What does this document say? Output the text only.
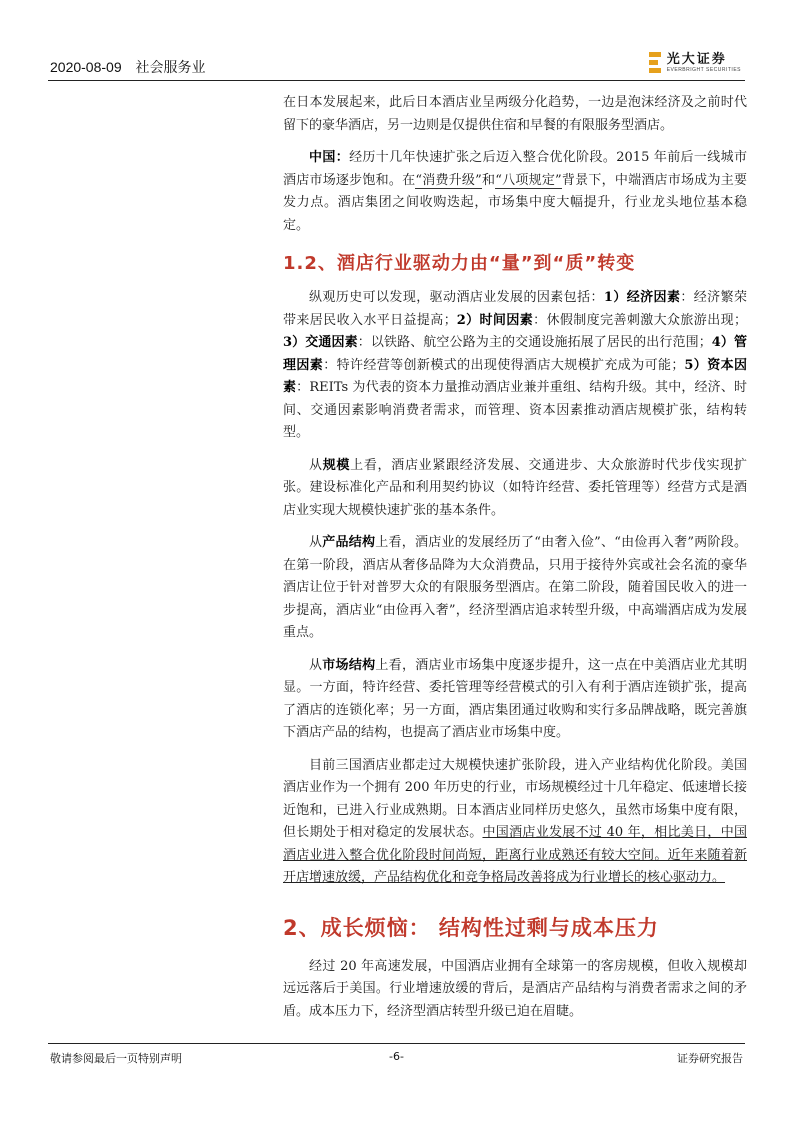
2020-08-09 社会服务业	光大证券
EVERBRIGHT SECURITIES

在日本发展起来，此后日本酒店业呈两级分化趋势，一边是泡沫经济及之前时代留下的豪华酒店，另一边则是仅提供住宿和早餐的有限服务型酒店。

中国：经历十几年快速扩张之后迈入整合优化阶段。2015 年前后一线城市酒店市场逐步饱和。在“消费升级”和“八项规定”背景下，中端酒店市场成为主要发力点。酒店集团之间收购迭起，市场集中度大幅提升，行业龙头地位基本稳定。

1.2、酒店行业驱动力由“量”到“质”转变

纵观历史可以发现，驱动酒店业发展的因素包括：1）经济因素：经济繁荣带来居民收入水平日益提高；2）时间因素：休假制度完善刺激大众旅游出现；3）交通因素：以铁路、航空公路为主的交通设施拓展了居民的出行范围；4）管理因素：特许经营等创新模式的出现使得酒店大规模扩充成为可能；5）资本因素：REITs 为代表的资本力量推动酒店业兼并重组、结构升级。其中，经济、时间、交通因素影响消费者需求，而管理、资本因素推动酒店规模扩张，结构转型。

从规模上看，酒店业紧跟经济发展、交通进步、大众旅游时代步伐实现扩张。建设标准化产品和利用契约协议（如特许经营、委托管理等）经营方式是酒店业实现大规模快速扩张的基本条件。

从产品结构上看，酒店业的发展经历了“由奢入俭”、“由俭再入奢”两阶段。在第一阶段，酒店从奢侈品降为大众消费品，只用于接待外宾或社会名流的豪华酒店让位于针对普罗大众的有限服务型酒店。在第二阶段，随着国民收入的进一步提高，酒店业“由俭再入奢”，经济型酒店追求转型升级，中高端酒店成为发展重点。

从市场结构上看，酒店业市场集中度逐步提升，这一点在中美酒店业尤其明显。一方面，特许经营、委托管理等经营模式的引入有利于酒店连锁扩张，提高了酒店的连锁化率；另一方面，酒店集团通过收购和实行多品牌战略，既完善旗下酒店产品的结构，也提高了酒店业市场集中度。

目前三国酒店业都走过大规模快速扩张阶段，进入产业结构优化阶段。美国酒店业作为一个拥有 200 年历史的行业，市场规模经过十几年稳定、低速增长接近饱和，已进入行业成熟期。日本酒店业同样历史悠久，虽然市场集中度有限，但长期处于相对稳定的发展状态。中国酒店业发展不过 40 年，相比美日，中国酒店业进入整合优化阶段时间尚短，距离行业成熟还有较大空间。近年来随着新开店增速放缓，产品结构优化和竞争格局改善将成为行业增长的核心驱动力。

2、成长烦恼： 结构性过剩与成本压力

经过 20 年高速发展，中国酒店业拥有全球第一的客房规模，但收入规模却远远落后于美国。行业增速放缓的背后，是酒店产品结构与消费者需求之间的矛盾。成本压力下，经济型酒店转型升级已迫在眉睫。

敬请参阅最后一页特别声明	-6-	证券研究报告
